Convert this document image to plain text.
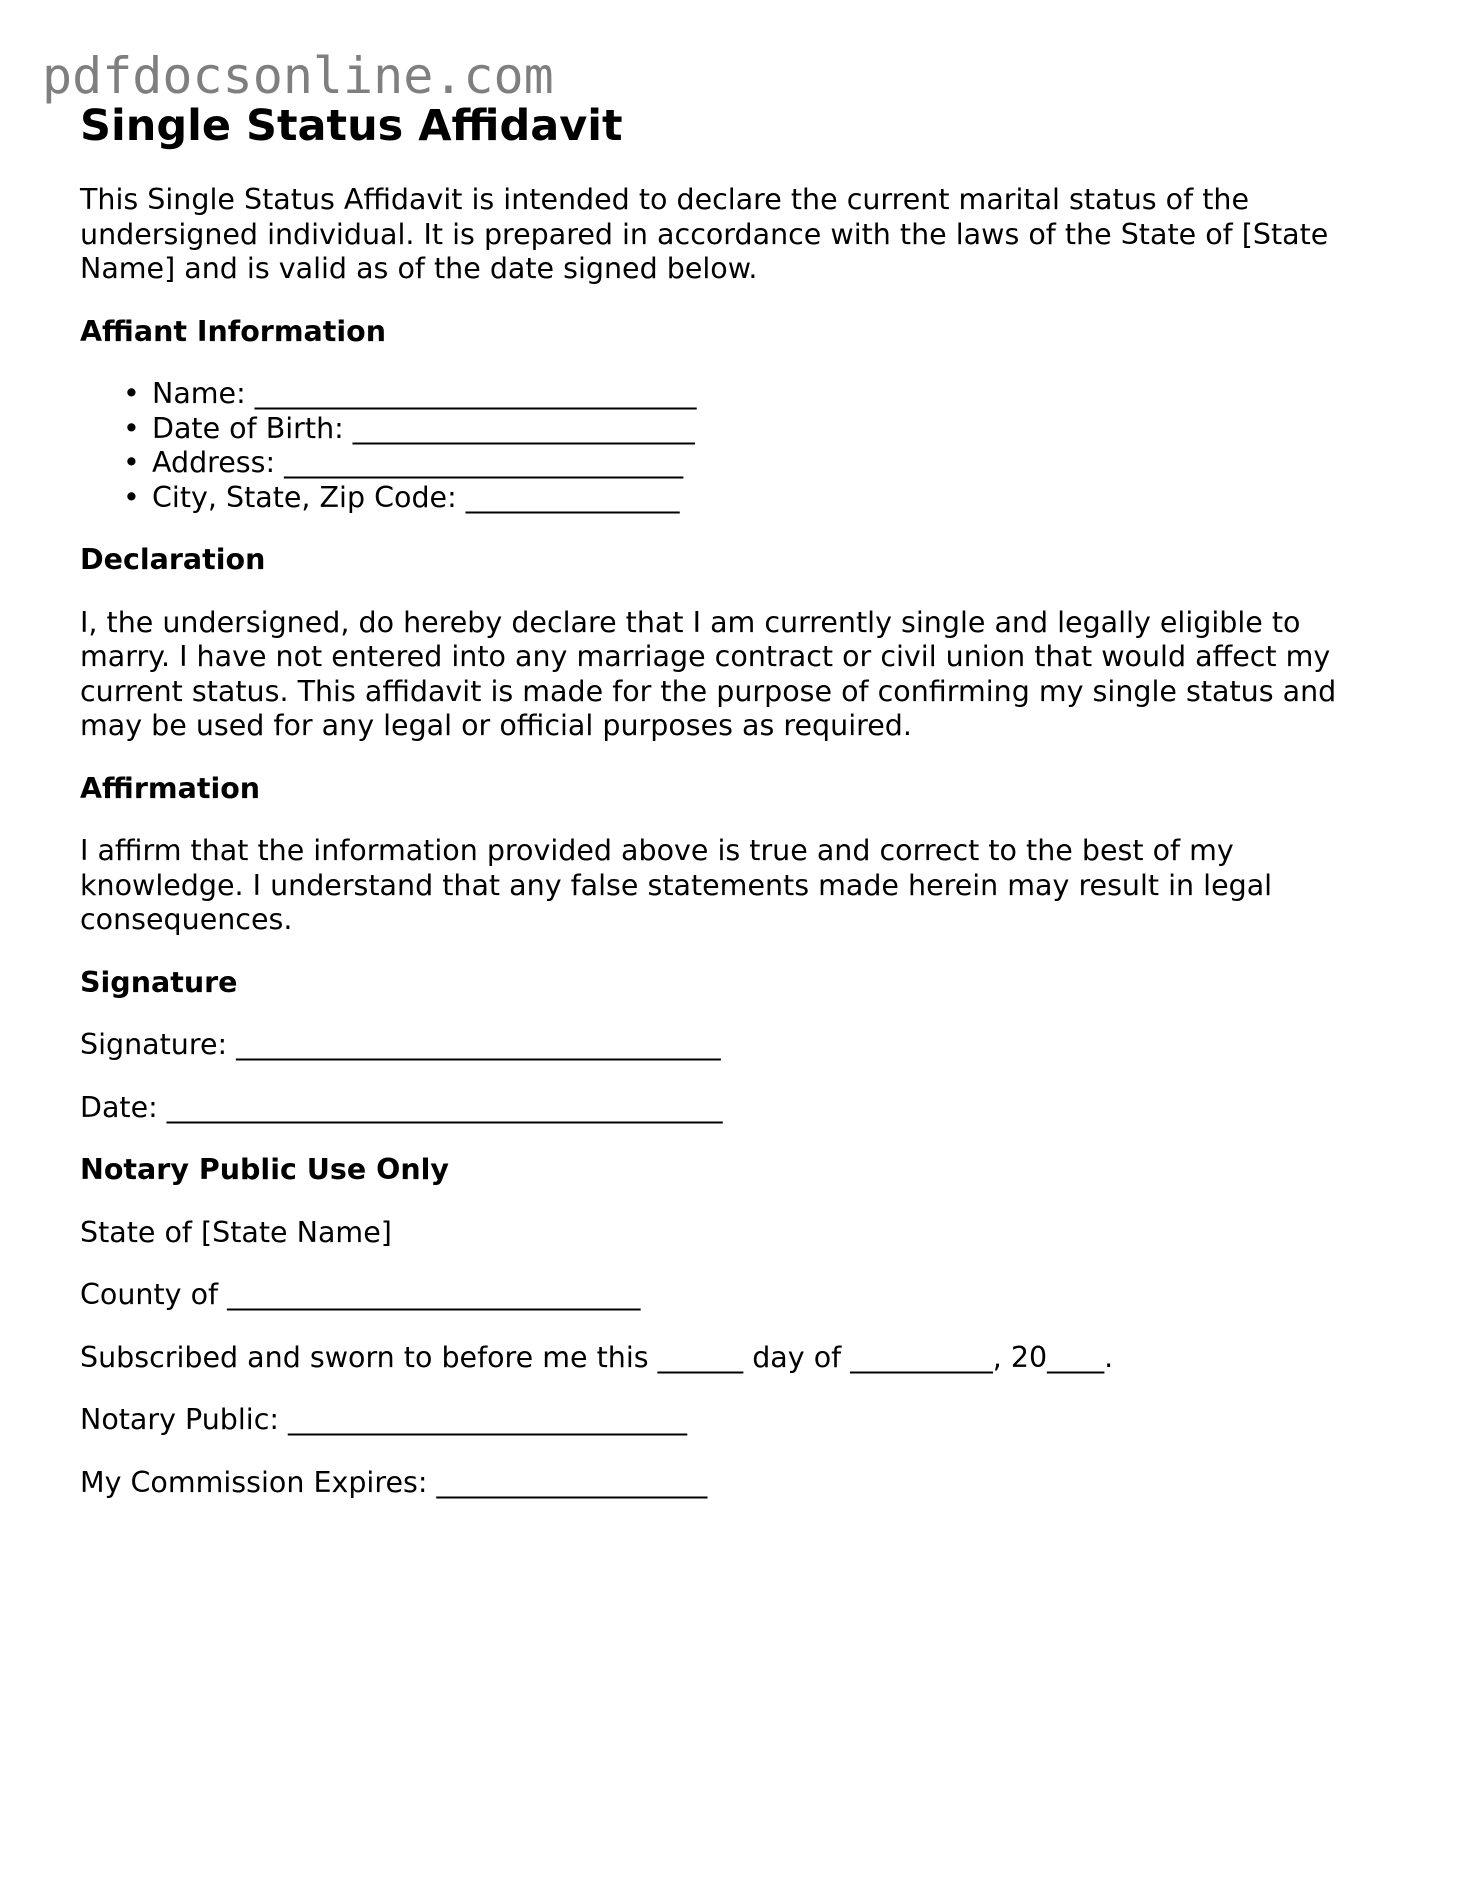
pdfdocsonline.com
Single Status Affidavit

This Single Status Affidavit is intended to declare the current marital status of the undersigned individual. It is prepared in accordance with the laws of the State of [State Name] and is valid as of the date signed below.

Affiant Information
• Name: _______________________________
• Date of Birth: ________________________
• Address: ____________________________
• City, State, Zip Code: _______________
Declaration

I, the undersigned, do hereby declare that I am currently single and legally eligible to marry. I have not entered into any marriage contract or civil union that would affect my current status. This affidavit is made for the purpose of confirming my single status and may be used for any legal or official purposes as required.

Affirmation

I affirm that the information provided above is true and correct to the best of my knowledge. I understand that any false statements made herein may result in legal consequences.

Signature

Signature: __________________________________

Date: _______________________________________

Notary Public Use Only

State of [State Name]

County of _____________________________

Subscribed and sworn to before me this ______ day of __________, 20____.

Notary Public: ____________________________

My Commission Expires: ___________________
